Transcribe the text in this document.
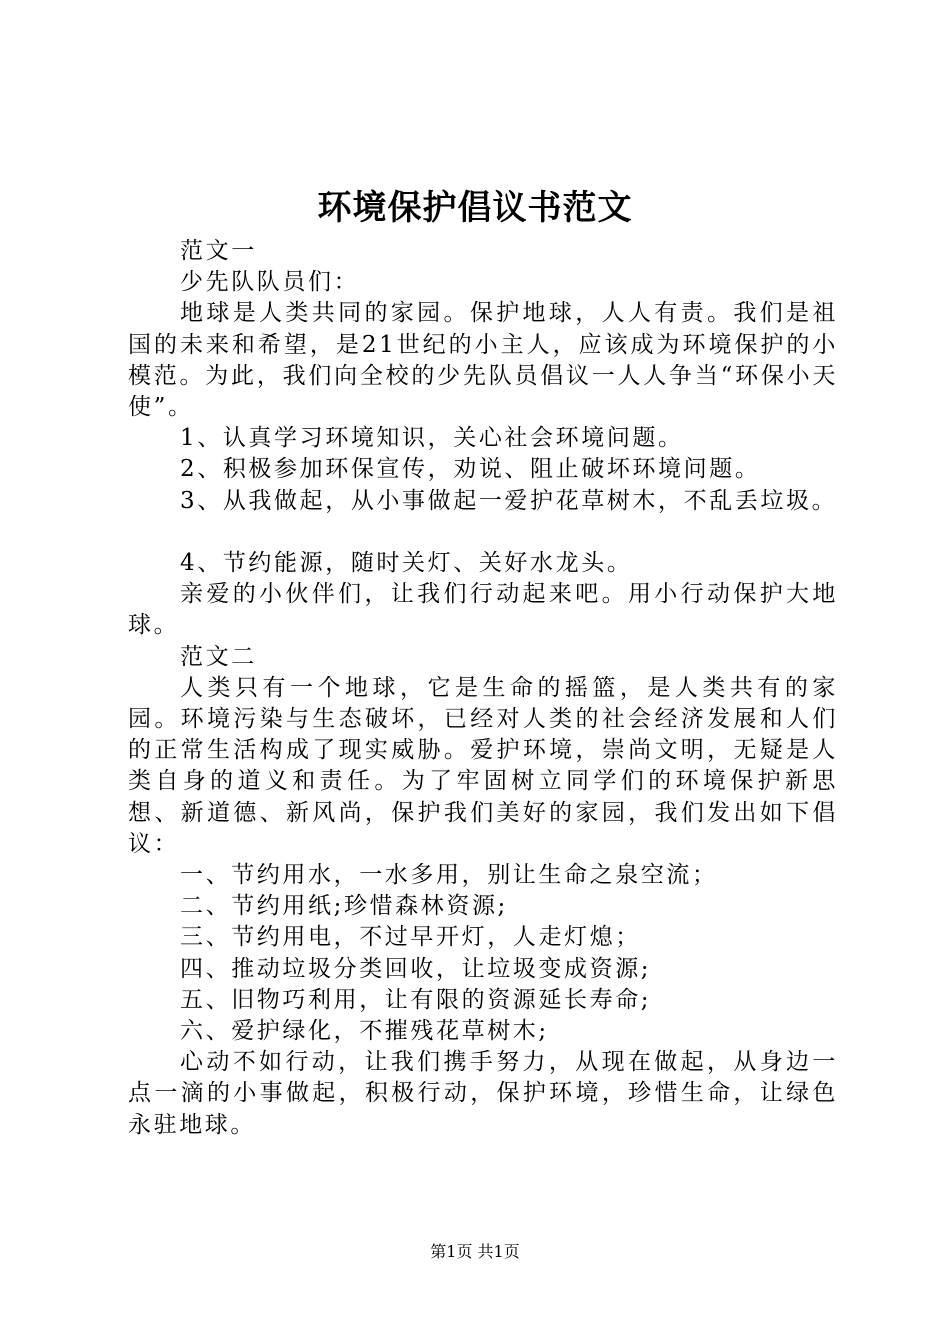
环境保护倡议书范文

范文一

少先队队员们：

地球是人类共同的家园。保护地球，人人有责。我们是祖国的未来和希望，是21世纪的小主人，应该成为环境保护的小模范。为此，我们向全校的少先队员倡议一人人争当“环保小天使”。

1、认真学习环境知识，关心社会环境问题。

2、积极参加环保宣传，劝说、阻止破坏环境问题。

3、从我做起，从小事做起一爱护花草树木，不乱丢垃圾。

4、节约能源，随时关灯、关好水龙头。

亲爱的小伙伴们，让我们行动起来吧。用小行动保护大地球。

范文二

人类只有一个地球，它是生命的摇篮，是人类共有的家园。环境污染与生态破坏，已经对人类的社会经济发展和人们的正常生活构成了现实威胁。爱护环境，崇尚文明，无疑是人类自身的道义和责任。为了牢固树立同学们的环境保护新思想、新道德、新风尚，保护我们美好的家园，我们发出如下倡议：

一、节约用水，一水多用，别让生命之泉空流；

二、节约用纸;珍惜森林资源;

三、节约用电，不过早开灯，人走灯熄；

四、推动垃圾分类回收，让垃圾变成资源;

五、旧物巧利用，让有限的资源延长寿命;

六、爱护绿化，不摧残花草树木;

心动不如行动，让我们携手努力，从现在做起，从身边一点一滴的小事做起，积极行动，保护环境，珍惜生命，让绿色永驻地球。

第1页 共1页
